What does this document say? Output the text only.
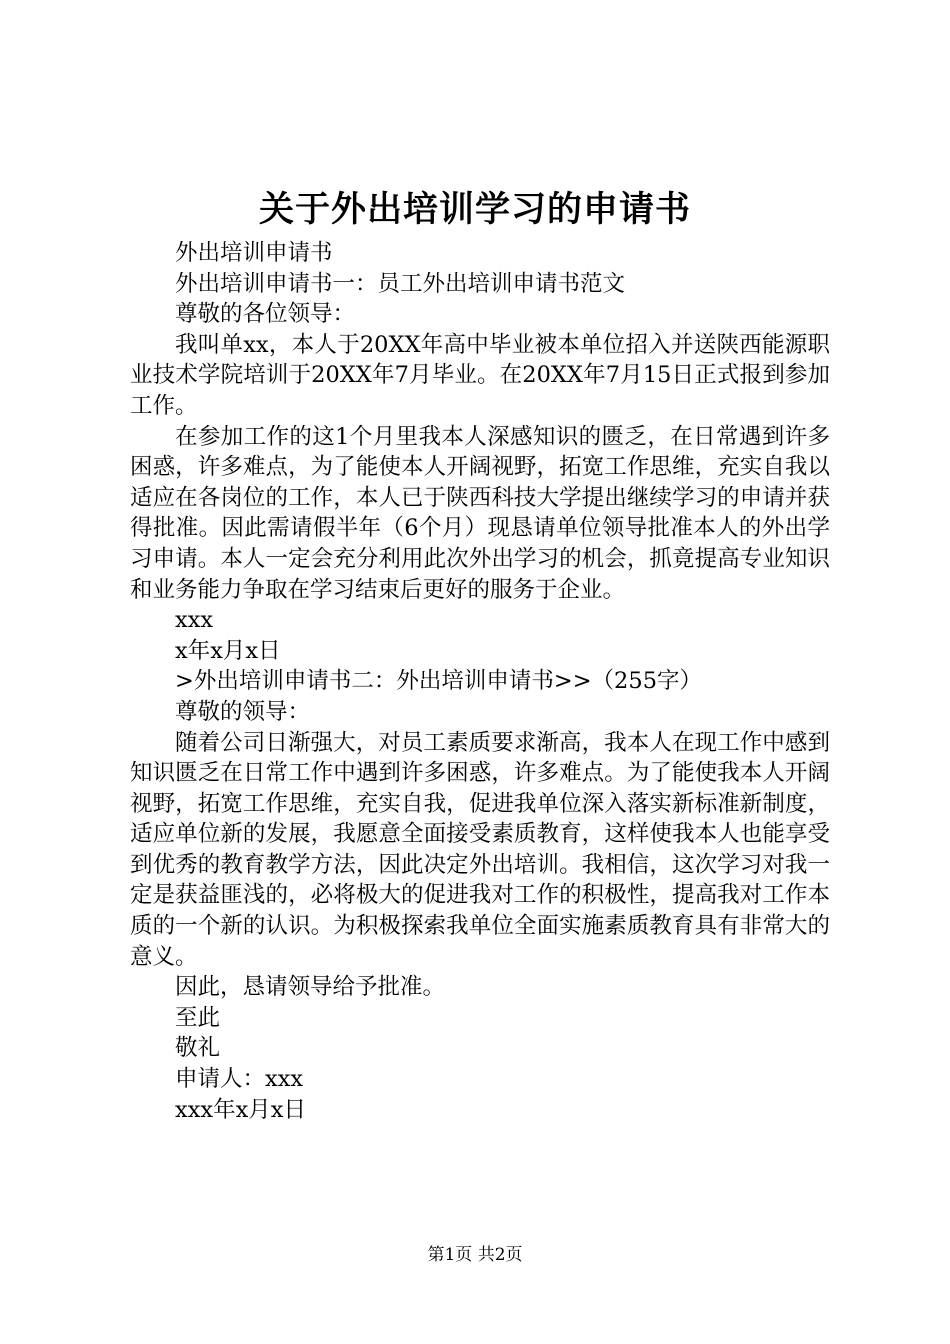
关于外出培训学习的申请书

外出培训申请书

外出培训申请书一：员工外出培训申请书范文

尊敬的各位领导：

我叫单xx，本人于20XX年高中毕业被本单位招入并送陕西能源职业技术学院培训于20XX年7月毕业。在20XX年7月15日正式报到参加工作。

在参加工作的这1个月里我本人深感知识的匮乏，在日常遇到许多困惑，许多难点，为了能使本人开阔视野，拓宽工作思维，充实自我以适应在各岗位的工作，本人已于陕西科技大学提出继续学习的申请并获得批准。因此需请假半年（6个月）现恳请单位领导批准本人的外出学习申请。本人一定会充分利用此次外出学习的机会，抓竟提高专业知识和业务能力争取在学习结束后更好的服务于企业。

xxx

x年x月x日

>外出培训申请书二：外出培训申请书>>（255字）

尊敬的领导：

随着公司日渐强大，对员工素质要求渐高，我本人在现工作中感到知识匮乏在日常工作中遇到许多困惑，许多难点。为了能使我本人开阔视野，拓宽工作思维，充实自我，促进我单位深入落实新标准新制度，适应单位新的发展，我愿意全面接受素质教育，这样使我本人也能享受到优秀的教育教学方法，因此决定外出培训。我相信，这次学习对我一定是获益匪浅的，必将极大的促进我对工作的积极性，提高我对工作本质的一个新的认识。为积极探索我单位全面实施素质教育具有非常大的意义。

因此，恳请领导给予批准。

至此

敬礼

申请人：xxx

xxx年x月x日

第1页 共2页
